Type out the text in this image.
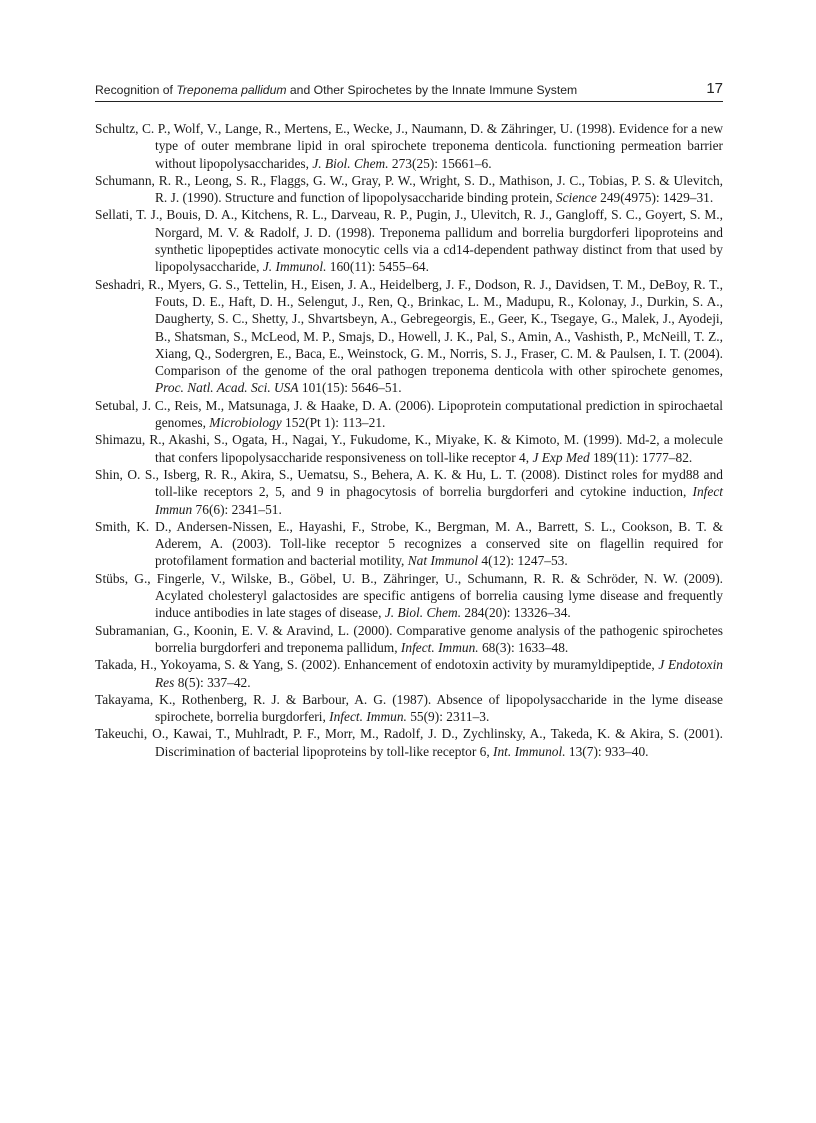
Recognition of Treponema pallidum and Other Spirochetes by the Innate Immune System	17

Schultz, C. P., Wolf, V., Lange, R., Mertens, E., Wecke, J., Naumann, D. & Zähringer, U. (1998). Evidence for a new type of outer membrane lipid in oral spirochete treponema denticola. functioning permeation barrier without lipopolysaccharides, J. Biol. Chem. 273(25): 15661–6.

Schumann, R. R., Leong, S. R., Flaggs, G. W., Gray, P. W., Wright, S. D., Mathison, J. C., Tobias, P. S. & Ulevitch, R. J. (1990). Structure and function of lipopolysaccharide binding protein, Science 249(4975): 1429–31.

Sellati, T. J., Bouis, D. A., Kitchens, R. L., Darveau, R. P., Pugin, J., Ulevitch, R. J., Gangloff, S. C., Goyert, S. M., Norgard, M. V. & Radolf, J. D. (1998). Treponema pallidum and borrelia burgdorferi lipoproteins and synthetic lipopeptides activate monocytic cells via a cd14-dependent pathway distinct from that used by lipopolysaccharide, J. Immunol. 160(11): 5455–64.

Seshadri, R., Myers, G. S., Tettelin, H., Eisen, J. A., Heidelberg, J. F., Dodson, R. J., Davidsen, T. M., DeBoy, R. T., Fouts, D. E., Haft, D. H., Selengut, J., Ren, Q., Brinkac, L. M., Madupu, R., Kolonay, J., Durkin, S. A., Daugherty, S. C., Shetty, J., Shvartsbeyn, A., Gebregeorgis, E., Geer, K., Tsegaye, G., Malek, J., Ayodeji, B., Shatsman, S., McLeod, M. P., Smajs, D., Howell, J. K., Pal, S., Amin, A., Vashisth, P., McNeill, T. Z., Xiang, Q., Sodergren, E., Baca, E., Weinstock, G. M., Norris, S. J., Fraser, C. M. & Paulsen, I. T. (2004). Comparison of the genome of the oral pathogen treponema denticola with other spirochete genomes, Proc. Natl. Acad. Sci. USA 101(15): 5646–51.

Setubal, J. C., Reis, M., Matsunaga, J. & Haake, D. A. (2006). Lipoprotein computational prediction in spirochaetal genomes, Microbiology 152(Pt 1): 113–21.

Shimazu, R., Akashi, S., Ogata, H., Nagai, Y., Fukudome, K., Miyake, K. & Kimoto, M. (1999). Md-2, a molecule that confers lipopolysaccharide responsiveness on toll-like receptor 4, J Exp Med 189(11): 1777–82.

Shin, O. S., Isberg, R. R., Akira, S., Uematsu, S., Behera, A. K. & Hu, L. T. (2008). Distinct roles for myd88 and toll-like receptors 2, 5, and 9 in phagocytosis of borrelia burgdorferi and cytokine induction, Infect Immun 76(6): 2341–51.

Smith, K. D., Andersen-Nissen, E., Hayashi, F., Strobe, K., Bergman, M. A., Barrett, S. L., Cookson, B. T. & Aderem, A. (2003). Toll-like receptor 5 recognizes a conserved site on flagellin required for protofilament formation and bacterial motility, Nat Immunol 4(12): 1247–53.

Stübs, G., Fingerle, V., Wilske, B., Göbel, U. B., Zähringer, U., Schumann, R. R. & Schröder, N. W. (2009). Acylated cholesteryl galactosides are specific antigens of borrelia causing lyme disease and frequently induce antibodies in late stages of disease, J. Biol. Chem. 284(20): 13326–34.

Subramanian, G., Koonin, E. V. & Aravind, L. (2000). Comparative genome analysis of the pathogenic spirochetes borrelia burgdorferi and treponema pallidum, Infect. Immun. 68(3): 1633–48.

Takada, H., Yokoyama, S. & Yang, S. (2002). Enhancement of endotoxin activity by muramyldipeptide, J Endotoxin Res 8(5): 337–42.

Takayama, K., Rothenberg, R. J. & Barbour, A. G. (1987). Absence of lipopolysaccharide in the lyme disease spirochete, borrelia burgdorferi, Infect. Immun. 55(9): 2311–3.

Takeuchi, O., Kawai, T., Muhlradt, P. F., Morr, M., Radolf, J. D., Zychlinsky, A., Takeda, K. & Akira, S. (2001). Discrimination of bacterial lipoproteins by toll-like receptor 6, Int. Immunol. 13(7): 933–40.
